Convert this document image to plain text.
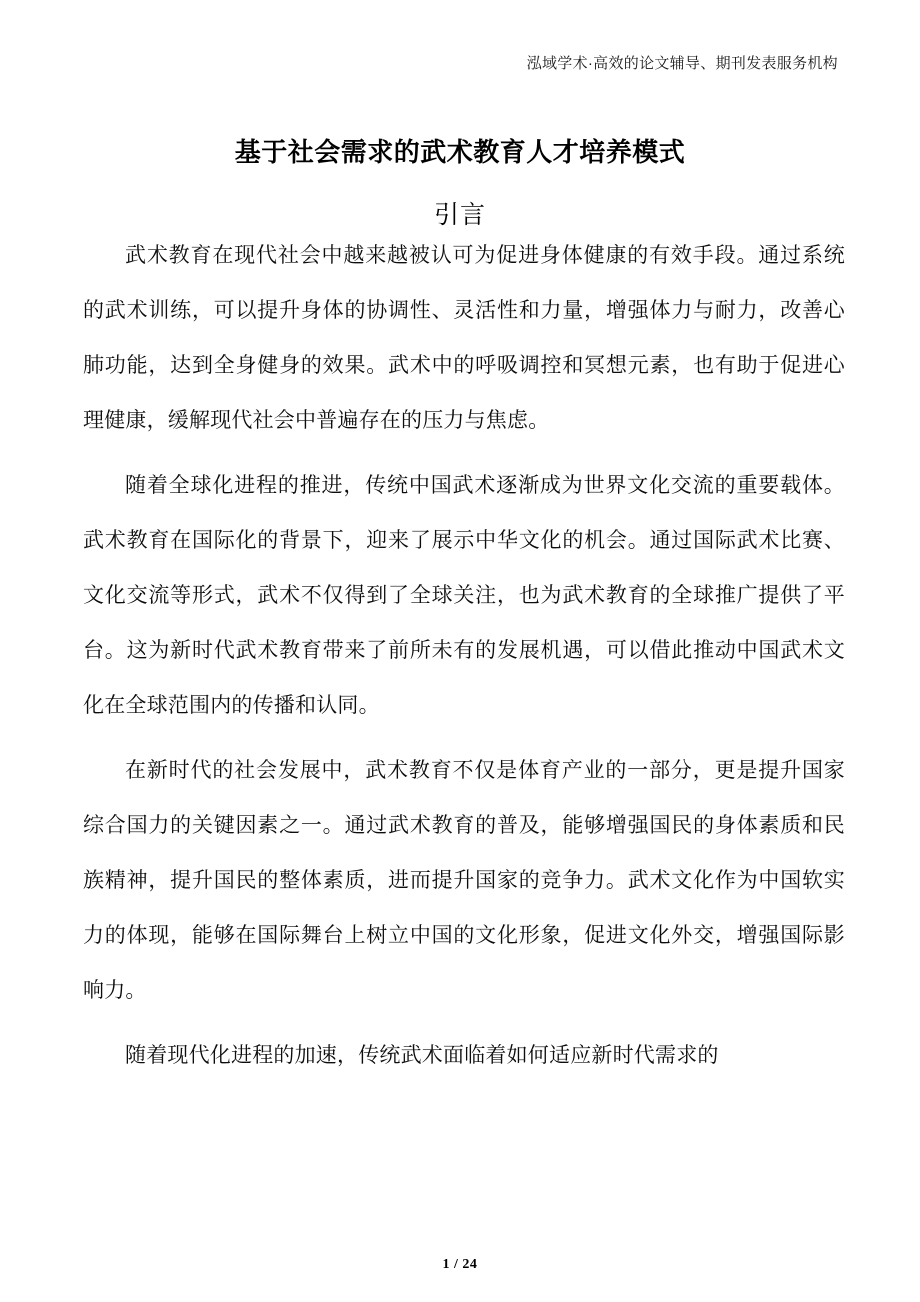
泓域学术·高效的论文辅导、期刊发表服务机构
基于社会需求的武术教育人才培养模式
引言

武术教育在现代社会中越来越被认可为促进身体健康的有效手段。通过系统的武术训练，可以提升身体的协调性、灵活性和力量，增强体力与耐力，改善心肺功能，达到全身健身的效果。武术中的呼吸调控和冥想元素，也有助于促进心理健康，缓解现代社会中普遍存在的压力与焦虑。

随着全球化进程的推进，传统中国武术逐渐成为世界文化交流的重要载体。武术教育在国际化的背景下，迎来了展示中华文化的机会。通过国际武术比赛、文化交流等形式，武术不仅得到了全球关注，也为武术教育的全球推广提供了平台。这为新时代武术教育带来了前所未有的发展机遇，可以借此推动中国武术文化在全球范围内的传播和认同。

在新时代的社会发展中，武术教育不仅是体育产业的一部分，更是提升国家综合国力的关键因素之一。通过武术教育的普及，能够增强国民的身体素质和民族精神，提升国民的整体素质，进而提升国家的竞争力。武术文化作为中国软实力的体现，能够在国际舞台上树立中国的文化形象，促进文化外交，增强国际影响力。

随着现代化进程的加速，传统武术面临着如何适应新时代需求的

1 / 24
